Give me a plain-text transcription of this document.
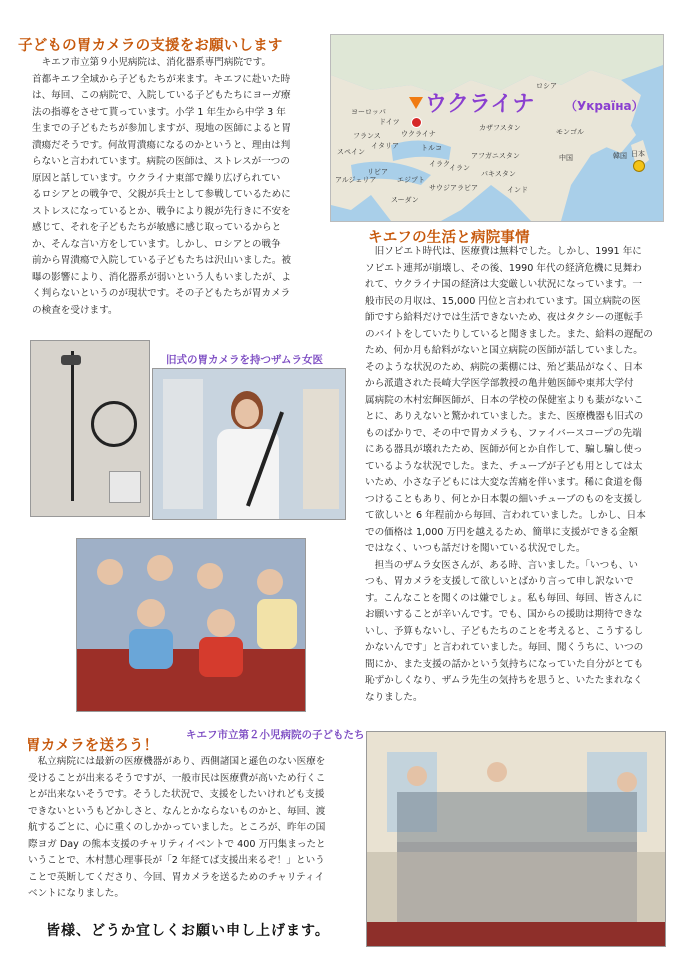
子どもの胃カメラの支援をお願いします
キエフ市立第９小児病院は、消化器系専門病院です。
首都キエフ全域から子どもたちが来ます。キエフに赴いた時
は、毎回、この病院で、入院している子どもたちにヨーガ療
法の指導をさせて貰っています。小学 1 年生から中学 3 年
生までの子どもたちが参加しますが、現地の医師によると胃
潰瘍だそうです。何故胃潰瘍になるのかというと、理由は判
らないと言われています。病院の医師は、ストレスが一つの
原因と話しています。ウクライナ東部で繰り広げられてい
るロシアとの戦争で、父親が兵士として参戦しているために
ストレスになっているとか、戦争により親が先行きに不安を
感じて、それを子どもたちが敏感に感じ取っているからと
か、そんな言い方をしています。しかし、ロシアとの戦争
前から胃潰瘍で入院している子どもたちは沢山いました。被
曝の影響により、消化器系が弱いという人もいましたが、よ
く判らないというのが現状です。その子どもたちが胃カメラ
の検査を受けます。
ウクライナ	（Україна）
ロシア
ヨーロッパ
ドイツ
フランス
スペイン
イタリア	トルコ
カザフスタン	モンゴル
中国	韓国 日本
インド
パキスタン
イラン
イラク
サウジアラビア
エジプト
リビア
アルジェリア
スーダン
アフガニスタン
ウクライナ
キエフの生活と病院事情
旧ソビエト時代は、医療費は無料でした。しかし、1991 年に
ソビエト連邦が崩壊し、その後、1990 年代の経済危機に見舞わ
れて、ウクライナ国の経済は大変厳しい状況になっています。一
般市民の月収は、15,000 円位と言われています。国立病院の医
師ですら給料だけでは生活できないため、夜はタクシーの運転手
のバイトをしていたりしていると聞きました。また、給料の遅配の
ため、何か月も給料がないと国立病院の医師が話していました。
そのような状況のため、病院の薬棚には、殆ど薬品がなく、日本
から派遣された長崎大学医学部教授の亀井勉医師や東邦大学付
属病院の木村宏輝医師が、日本の学校の保健室よりも薬がないこ
とに、ありえないと驚かれていました。また、医療機器も旧式の
ものばかりで、その中で胃カメラも、ファイバースコープの先端
にある器具が壊れたため、医師が何とか自作して、騙し騙し使っ
ているような状況でした。また、チューブが子ども用としては太
いため、小さな子どもには大変な苦痛を伴います。稀に食道を傷
つけることもあり、何とか日本製の細いチューブのものを支援し
て欲しいと 6 年程前から毎回、言われていました。しかし、日本
での価格は 1,000 万円を越えるため、簡単に支援ができる金額
ではなく、いつも話だけを聞いている状況でした。
担当のザムラ女医さんが、ある時、言いました。「いつも、い
つも、胃カメラを支援して欲しいとばかり言って申し訳ないで
す。こんなことを聞くのは嫌でしょ。私も毎回、毎回、皆さんに
お願いすることが辛いんです。でも、国からの援助は期待できな
いし、予算もないし、子どもたちのことを考えると、こうするし
かないんです」と言われていました。毎回、聞くうちに、いつの
間にか、また支援の話かという気持ちになっていた自分がとても
恥ずかしくなり、ザムラ先生の気持ちを思うと、いたたまれなく
なりました。
旧式の胃カメラを持つザムラ女医
キエフ市立第２小児病院の子どもたち
胃カメラを送ろう！
私立病院には最新の医療機器があり、西側諸国と遜色のない医療を
受けることが出来るそうですが、一般市民は医療費が高いため行くこ
とが出来ないそうです。そうした状況で、支援をしたいけれども支援
できないというもどかしさと、なんとかならないものかと、毎回、渡
航するごとに、心に重くのしかかっていました。ところが、昨年の国
際ヨガ Day の熊本支援のチャリティイベントで 400 万円集まったと
いうことで、木村慧心理事長が「2 年経てば支援出来るぞ！」という
ことで英断してくださり、今回、胃カメラを送るためのチャリティイ
ベントになりました。
皆様、どうか宜しくお願い申し上げます。
